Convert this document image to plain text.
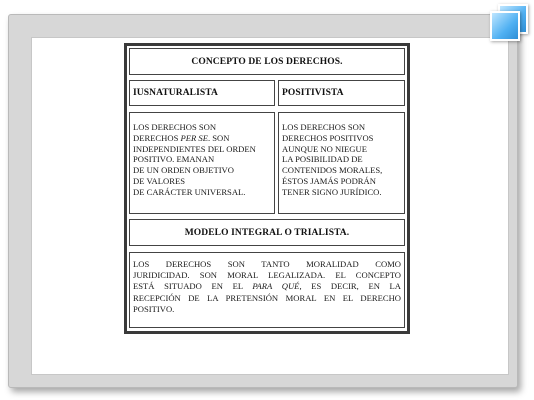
CONCEPTO DE LOS DERECHOS.
IUSNATURALISTA	POSITIVISTA
LOS DERECHOS SON
DERECHOS PER SE. SON
INDEPENDIENTES DEL ORDEN
POSITIVO. EMANAN
DE UN ORDEN OBJETIVO
DE VALORES
DE CARÁCTER UNIVERSAL.
LOS DERECHOS SON
DERECHOS POSITIVOS
AUNQUE NO NIEGUE
LA POSIBILIDAD DE
CONTENIDOS MORALES,
ÉSTOS JAMÁS PODRÁN
TENER SIGNO JURÍDICO.
MODELO INTEGRAL O TRIALISTA.
LOS DERECHOS SON TANTO MORALIDAD COMO
JURIDICIDAD. SON MORAL LEGALIZADA. EL CONCEPTO
ESTÁ SITUADO EN EL PARA QUÉ, ES DECIR, EN LA
RECEPCIÓN DE LA PRETENSIÓN MORAL EN EL DERECHO
POSITIVO.
